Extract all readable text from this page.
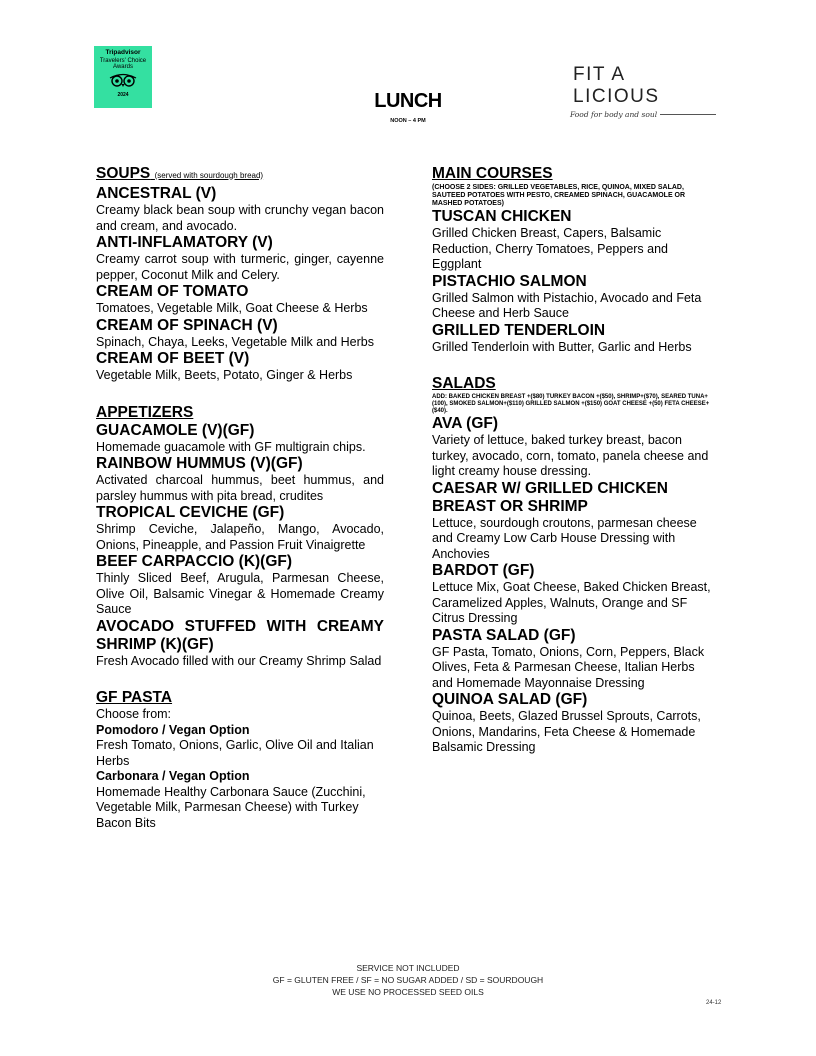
Tripadvisor
Travelers' Choice Awards
2024
FIT A LICIOUS
Food for body and soul
LUNCH
NOON – 4 PM
SOUPS (served with sourdough bread)
ANCESTRAL (V)
Creamy black bean soup with crunchy vegan bacon and cream, and avocado.
ANTI-INFLAMATORY (V)
Creamy carrot soup with turmeric, ginger, cayenne pepper, Coconut Milk and Celery.
CREAM OF TOMATO
Tomatoes, Vegetable Milk, Goat Cheese & Herbs
CREAM OF SPINACH (V)
Spinach, Chaya, Leeks, Vegetable Milk and Herbs
CREAM OF BEET (V)
Vegetable Milk, Beets, Potato, Ginger & Herbs
APPETIZERS
GUACAMOLE (V)(GF)
Homemade guacamole with GF multigrain chips.
RAINBOW HUMMUS (V)(GF)
Activated charcoal hummus, beet hummus, and parsley hummus with pita bread, crudites
TROPICAL CEVICHE (GF)
Shrimp Ceviche, Jalapeño, Mango, Avocado, Onions, Pineapple, and Passion Fruit Vinaigrette
BEEF CARPACCIO (K)(GF)
Thinly Sliced Beef, Arugula, Parmesan Cheese, Olive Oil, Balsamic Vinegar & Homemade Creamy Sauce
AVOCADO STUFFED WITH CREAMY SHRIMP (K)(GF)
Fresh Avocado filled with our Creamy Shrimp Salad
GF PASTA
Choose from:
Pomodoro / Vegan Option
Fresh Tomato, Onions, Garlic, Olive Oil and Italian Herbs
Carbonara / Vegan Option
Homemade Healthy Carbonara Sauce (Zucchini, Vegetable Milk, Parmesan Cheese) with Turkey Bacon Bits
MAIN COURSES
(CHOOSE 2 SIDES: GRILLED VEGETABLES, RICE, QUINOA, MIXED SALAD, SAUTEED POTATOES WITH PESTO, CREAMED SPINACH, GUACAMOLE OR MASHED POTATOES)
TUSCAN CHICKEN
Grilled Chicken Breast, Capers, Balsamic Reduction, Cherry Tomatoes, Peppers and Eggplant
PISTACHIO SALMON
Grilled Salmon with Pistachio, Avocado and Feta Cheese and Herb Sauce
GRILLED TENDERLOIN
Grilled Tenderloin with Butter, Garlic and Herbs
SALADS
ADD: BAKED CHICKEN BREAST +($80) TURKEY BACON +($50), SHRIMP+($70), SEARED TUNA+(100), SMOKED SALMON+($110) GRILLED SALMON +($150) GOAT CHEESE +(50) FETA CHEESE+($40).
AVA (GF)
Variety of lettuce, baked turkey breast, bacon turkey, avocado, corn, tomato, panela cheese and light creamy house dressing.
CAESAR W/ GRILLED CHICKEN BREAST OR SHRIMP
Lettuce, sourdough croutons, parmesan cheese and Creamy Low Carb House Dressing with Anchovies
BARDOT (GF)
Lettuce Mix, Goat Cheese, Baked Chicken Breast, Caramelized Apples, Walnuts, Orange and SF Citrus Dressing
PASTA SALAD (GF)
GF Pasta, Tomato, Onions, Corn, Peppers, Black Olives, Feta & Parmesan Cheese, Italian Herbs and Homemade Mayonnaise Dressing
QUINOA SALAD (GF)
Quinoa, Beets, Glazed Brussel Sprouts, Carrots, Onions, Mandarins, Feta Cheese & Homemade Balsamic Dressing
SERVICE NOT INCLUDED
GF = GLUTEN FREE / SF = NO SUGAR ADDED / SD = SOURDOUGH
WE USE NO PROCESSED SEED OILS
24-12
